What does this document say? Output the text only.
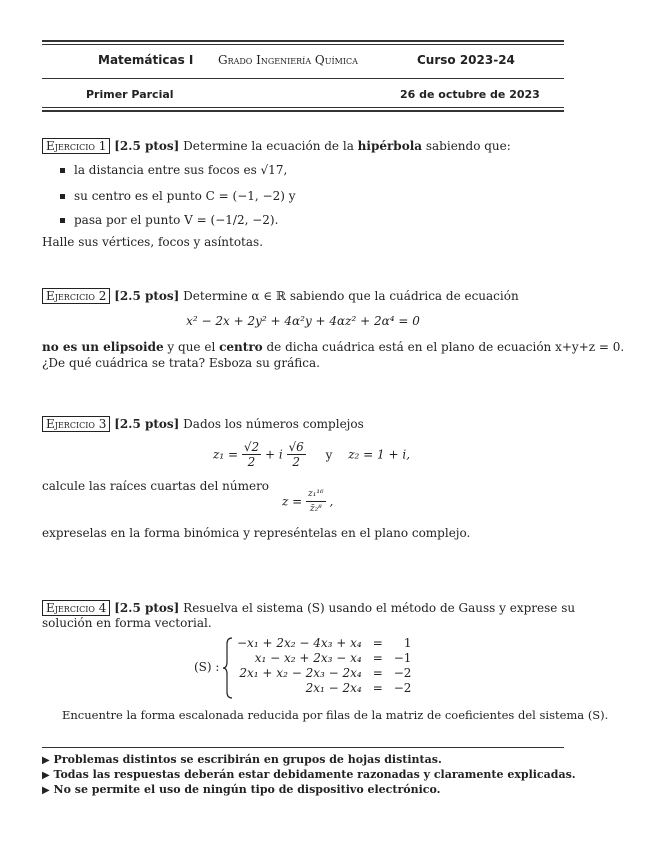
Matemáticas I Grado Ingeniería Química	Curso 2023-24
Primer Parcial	26 de octubre de 2023
Ejercicio 1 [2.5 ptos] Determine la ecuación de la hipérbola sabiendo que:
la distancia entre sus focos es √17,
su centro es el punto C = (−1, −2) y
pasa por el punto V = (−1/2, −2).
Halle sus vértices, focos y asíntotas.
Ejercicio 2 [2.5 ptos] Determine α ∈ ℝ sabiendo que la cuádrica de ecuación
x² − 2x + 2y² + 4α²y + 4αz² + 2α⁴ = 0
no es un elipsoide y que el centro de dicha cuádrica está en el plano de ecuación x+y+z = 0.
¿De qué cuádrica se trata? Esboza su gráfica.
Ejercicio 3 [2.5 ptos] Dados los números complejos
$z_1 = \frac{√2}{2} + i \frac{√6}{2}$ y z₂ = 1 + i,
calcule las raíces cuartas del número
$z = \frac{\text{z₁¹⁶}}{\text{z̄₂⁸}}$ ,
expreselas en la forma binómica y represéntelas en el plano complejo.
Ejercicio 4 [2.5 ptos] Resuelva el sistema (S) usando el método de Gauss y exprese su
solución en forma vectorial.
(S) :
−x₁ + 2x₂ − 4x₃ + x₄	=	1
x₁ − x₂ + 2x₃ − x₄	=	−1
2x₁ + x₂ − 2x₃ − 2x₄	=	−2
2x₁ − 2x₄	=	−2
Encuentre la forma escalonada reducida por filas de la matriz de coeficientes del sistema (S).
▶ Problemas distintos se escribirán en grupos de hojas distintas.
▶ Todas las respuestas deberán estar debidamente razonadas y claramente explicadas.
▶ No se permite el uso de ningún tipo de dispositivo electrónico.
